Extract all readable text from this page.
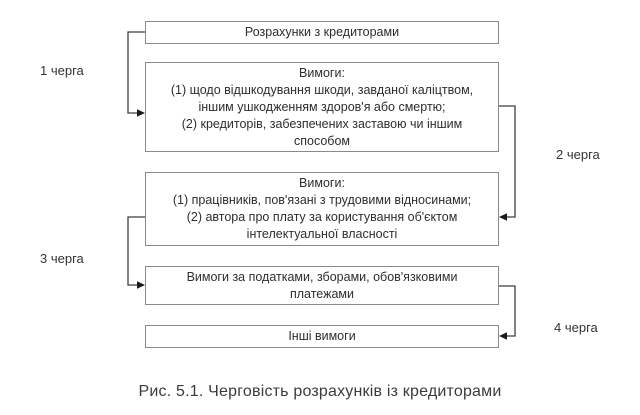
Розрахунки з кредиторами
Вимоги:
(1) щодо відшкодування шкоди, завданої каліцтвом,
іншим ушкодженням здоров'я або смертю;
(2) кредиторів, забезпечених заставою чи іншим
способом
Вимоги:
(1) працівників, пов'язані з трудовими відносинами;
(2) автора про плату за користування об'єктом
інтелектуальної власності
Вимоги за податками, зборами, обов'язковими
платежами
Інші вимоги
1 черга
2 черга
3 черга
4 черга
Рис. 5.1. Черговість розрахунків із кредиторами
